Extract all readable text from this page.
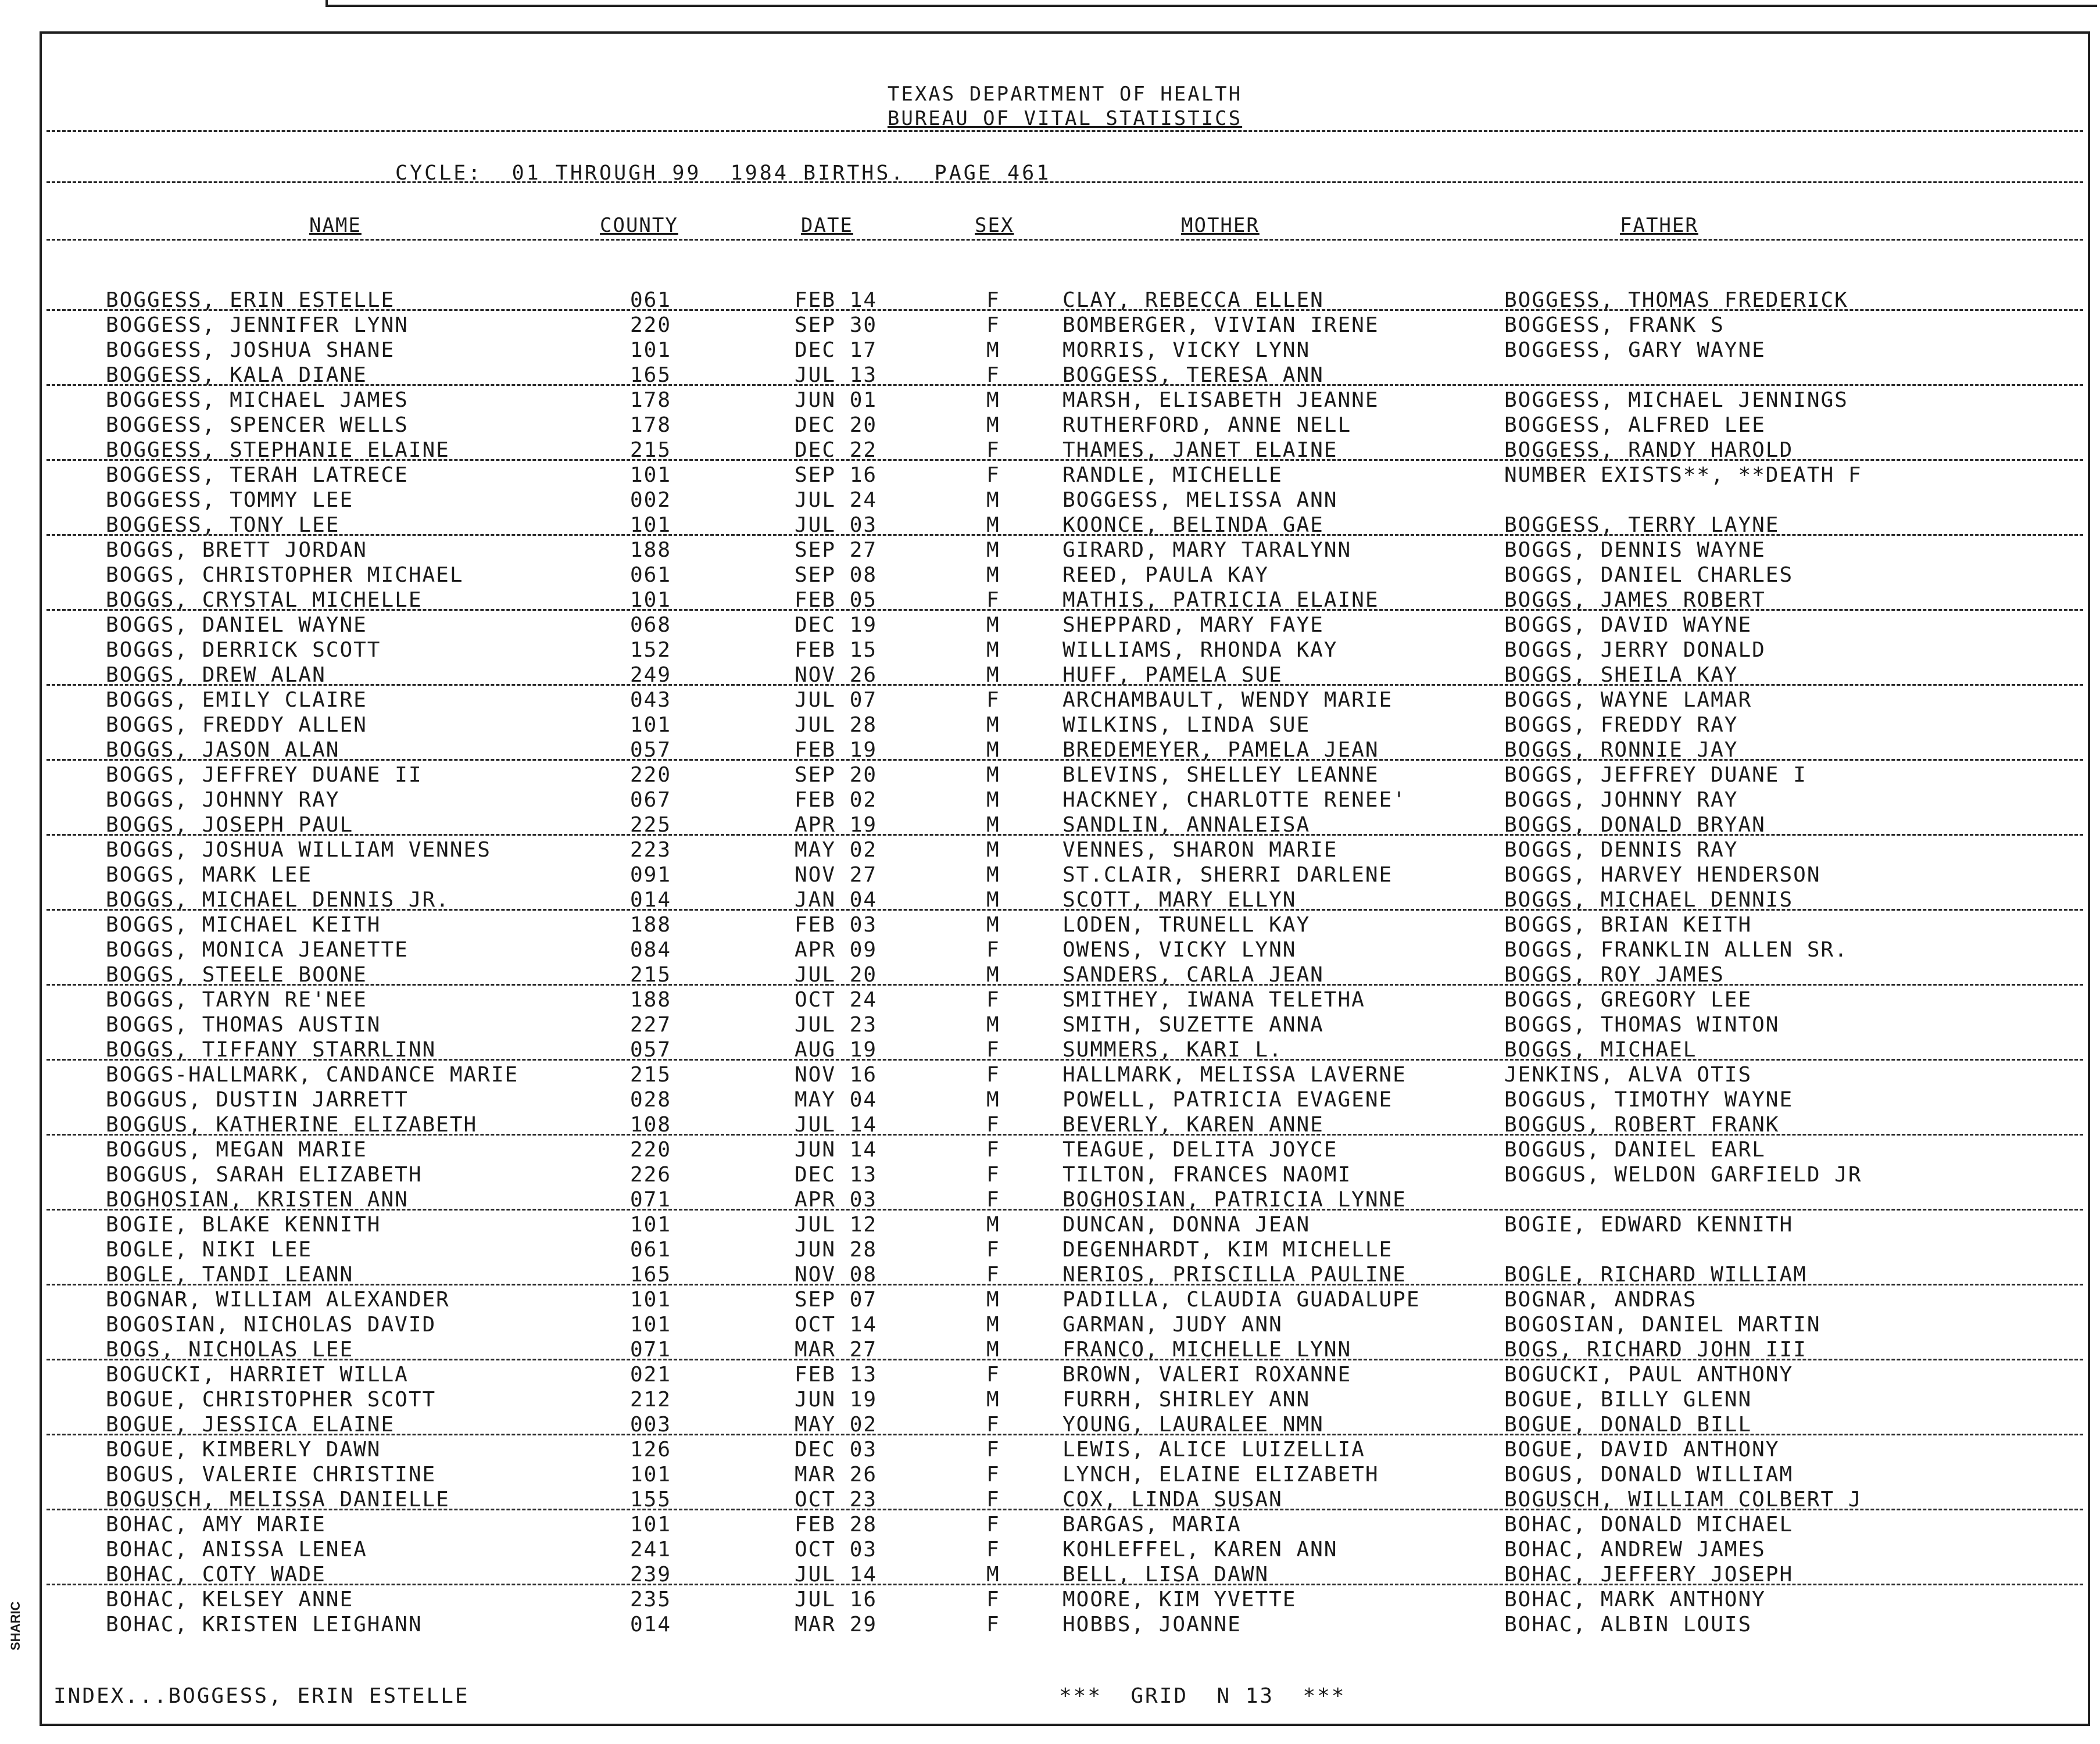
TEXAS DEPARTMENT OF HEALTH
BUREAU OF VITAL STATISTICS
CYCLE:  01 THROUGH 99  1984 BIRTHS.  PAGE 461
NAME	COUNTY	DATE	SEX	MOTHER	FATHER
BOGGESS, ERIN ESTELLE	061	FEB 14	F	CLAY, REBECCA ELLEN	BOGGESS, THOMAS FREDERICK
BOGGESS, JENNIFER LYNN	220	SEP 30	F	BOMBERGER, VIVIAN IRENE	BOGGESS, FRANK S
BOGGESS, JOSHUA SHANE	101	DEC 17	M	MORRIS, VICKY LYNN	BOGGESS, GARY WAYNE
BOGGESS, KALA DIANE	165	JUL 13	F	BOGGESS, TERESA ANN
BOGGESS, MICHAEL JAMES	178	JUN 01	M	MARSH, ELISABETH JEANNE	BOGGESS, MICHAEL JENNINGS
BOGGESS, SPENCER WELLS	178	DEC 20	M	RUTHERFORD, ANNE NELL	BOGGESS, ALFRED LEE
BOGGESS, STEPHANIE ELAINE	215	DEC 22	F	THAMES, JANET ELAINE	BOGGESS, RANDY HAROLD
BOGGESS, TERAH LATRECE	101	SEP 16	F	RANDLE, MICHELLE	NUMBER EXISTS**, **DEATH F
BOGGESS, TOMMY LEE	002	JUL 24	M	BOGGESS, MELISSA ANN
BOGGESS, TONY LEE	101	JUL 03	M	KOONCE, BELINDA GAE	BOGGESS, TERRY LAYNE
BOGGS, BRETT JORDAN	188	SEP 27	M	GIRARD, MARY TARALYNN	BOGGS, DENNIS WAYNE
BOGGS, CHRISTOPHER MICHAEL	061	SEP 08	M	REED, PAULA KAY	BOGGS, DANIEL CHARLES
BOGGS, CRYSTAL MICHELLE	101	FEB 05	F	MATHIS, PATRICIA ELAINE	BOGGS, JAMES ROBERT
BOGGS, DANIEL WAYNE	068	DEC 19	M	SHEPPARD, MARY FAYE	BOGGS, DAVID WAYNE
BOGGS, DERRICK SCOTT	152	FEB 15	M	WILLIAMS, RHONDA KAY	BOGGS, JERRY DONALD
BOGGS, DREW ALAN	249	NOV 26	M	HUFF, PAMELA SUE	BOGGS, SHEILA KAY
BOGGS, EMILY CLAIRE	043	JUL 07	F	ARCHAMBAULT, WENDY MARIE	BOGGS, WAYNE LAMAR
BOGGS, FREDDY ALLEN	101	JUL 28	M	WILKINS, LINDA SUE	BOGGS, FREDDY RAY
BOGGS, JASON ALAN	057	FEB 19	M	BREDEMEYER, PAMELA JEAN	BOGGS, RONNIE JAY
BOGGS, JEFFREY DUANE II	220	SEP 20	M	BLEVINS, SHELLEY LEANNE	BOGGS, JEFFREY DUANE I
BOGGS, JOHNNY RAY	067	FEB 02	M	HACKNEY, CHARLOTTE RENEE'	BOGGS, JOHNNY RAY
BOGGS, JOSEPH PAUL	225	APR 19	M	SANDLIN, ANNALEISA	BOGGS, DONALD BRYAN
BOGGS, JOSHUA WILLIAM VENNES	223	MAY 02	M	VENNES, SHARON MARIE	BOGGS, DENNIS RAY
BOGGS, MARK LEE	091	NOV 27	M	ST.CLAIR, SHERRI DARLENE	BOGGS, HARVEY HENDERSON
BOGGS, MICHAEL DENNIS JR.	014	JAN 04	M	SCOTT, MARY ELLYN	BOGGS, MICHAEL DENNIS
BOGGS, MICHAEL KEITH	188	FEB 03	M	LODEN, TRUNELL KAY	BOGGS, BRIAN KEITH
BOGGS, MONICA JEANETTE	084	APR 09	F	OWENS, VICKY LYNN	BOGGS, FRANKLIN ALLEN SR.
BOGGS, STEELE BOONE	215	JUL 20	M	SANDERS, CARLA JEAN	BOGGS, ROY JAMES
BOGGS, TARYN RE'NEE	188	OCT 24	F	SMITHEY, IWANA TELETHA	BOGGS, GREGORY LEE
BOGGS, THOMAS AUSTIN	227	JUL 23	M	SMITH, SUZETTE ANNA	BOGGS, THOMAS WINTON
BOGGS, TIFFANY STARRLINN	057	AUG 19	F	SUMMERS, KARI L.	BOGGS, MICHAEL
BOGGS-HALLMARK, CANDANCE MARIE	215	NOV 16	F	HALLMARK, MELISSA LAVERNE	JENKINS, ALVA OTIS
BOGGUS, DUSTIN JARRETT	028	MAY 04	M	POWELL, PATRICIA EVAGENE	BOGGUS, TIMOTHY WAYNE
BOGGUS, KATHERINE ELIZABETH	108	JUL 14	F	BEVERLY, KAREN ANNE	BOGGUS, ROBERT FRANK
BOGGUS, MEGAN MARIE	220	JUN 14	F	TEAGUE, DELITA JOYCE	BOGGUS, DANIEL EARL
BOGGUS, SARAH ELIZABETH	226	DEC 13	F	TILTON, FRANCES NAOMI	BOGGUS, WELDON GARFIELD JR
BOGHOSIAN, KRISTEN ANN	071	APR 03	F	BOGHOSIAN, PATRICIA LYNNE
BOGIE, BLAKE KENNITH	101	JUL 12	M	DUNCAN, DONNA JEAN	BOGIE, EDWARD KENNITH
BOGLE, NIKI LEE	061	JUN 28	F	DEGENHARDT, KIM MICHELLE
BOGLE, TANDI LEANN	165	NOV 08	F	NERIOS, PRISCILLA PAULINE	BOGLE, RICHARD WILLIAM
BOGNAR, WILLIAM ALEXANDER	101	SEP 07	M	PADILLA, CLAUDIA GUADALUPE	BOGNAR, ANDRAS
BOGOSIAN, NICHOLAS DAVID	101	OCT 14	M	GARMAN, JUDY ANN	BOGOSIAN, DANIEL MARTIN
BOGS, NICHOLAS LEE	071	MAR 27	M	FRANCO, MICHELLE LYNN	BOGS, RICHARD JOHN III
BOGUCKI, HARRIET WILLA	021	FEB 13	F	BROWN, VALERI ROXANNE	BOGUCKI, PAUL ANTHONY
BOGUE, CHRISTOPHER SCOTT	212	JUN 19	M	FURRH, SHIRLEY ANN	BOGUE, BILLY GLENN
BOGUE, JESSICA ELAINE	003	MAY 02	F	YOUNG, LAURALEE NMN	BOGUE, DONALD BILL
BOGUE, KIMBERLY DAWN	126	DEC 03	F	LEWIS, ALICE LUIZELLIA	BOGUE, DAVID ANTHONY
BOGUS, VALERIE CHRISTINE	101	MAR 26	F	LYNCH, ELAINE ELIZABETH	BOGUS, DONALD WILLIAM
BOGUSCH, MELISSA DANIELLE	155	OCT 23	F	COX, LINDA SUSAN	BOGUSCH, WILLIAM COLBERT J
BOHAC, AMY MARIE	101	FEB 28	F	BARGAS, MARIA	BOHAC, DONALD MICHAEL
BOHAC, ANISSA LENEA	241	OCT 03	F	KOHLEFFEL, KAREN ANN	BOHAC, ANDREW JAMES
BOHAC, COTY WADE	239	JUL 14	M	BELL, LISA DAWN	BOHAC, JEFFERY JOSEPH
BOHAC, KELSEY ANNE	235	JUL 16	F	MOORE, KIM YVETTE	BOHAC, MARK ANTHONY
BOHAC, KRISTEN LEIGHANN	014	MAR 29	F	HOBBS, JOANNE	BOHAC, ALBIN LOUIS
INDEX...BOGGESS, ERIN ESTELLE	***  GRID  N 13  ***
SHARIC
